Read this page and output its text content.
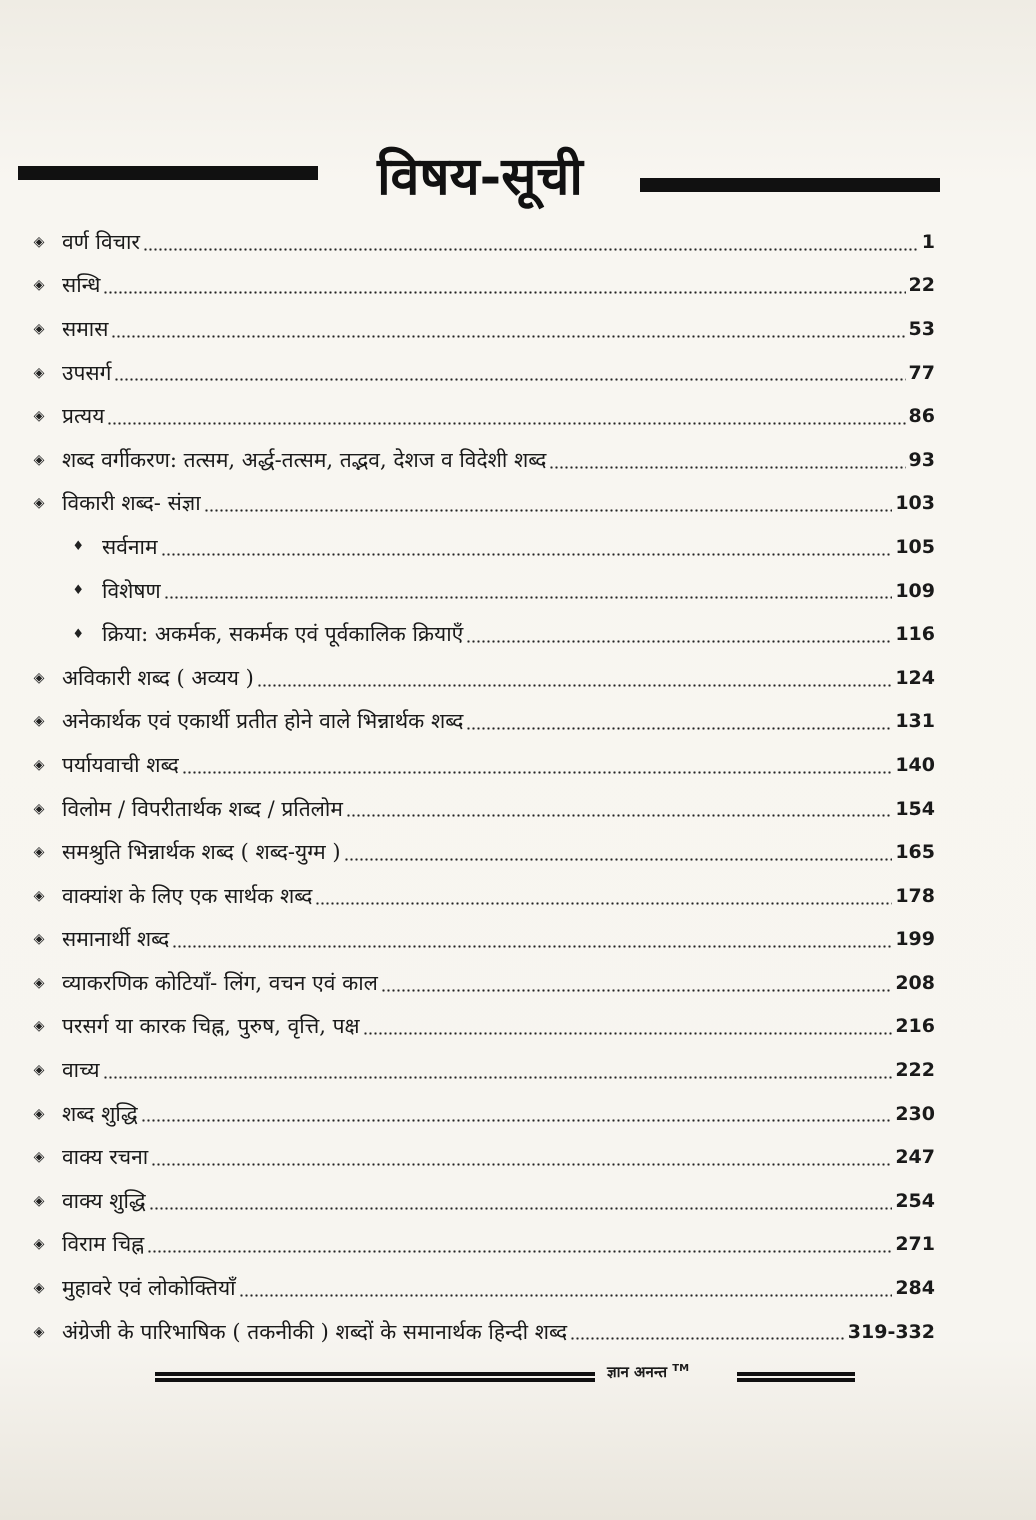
विषय-सूची
◈ वर्ण विचार	1
◈ सन्धि	22
◈ समास	53
◈ उपसर्ग	77
◈ प्रत्यय	86
◈ शब्द वर्गीकरण: तत्सम, अर्द्ध-तत्सम, तद्भव, देशज व विदेशी शब्द	93
◈ विकारी शब्द- संज्ञा	103
♦ सर्वनाम	105
♦ विशेषण	109
♦ क्रिया: अकर्मक, सकर्मक एवं पूर्वकालिक क्रियाएँ	116
◈ अविकारी शब्द ( अव्यय )	124
◈ अनेकार्थक एवं एकार्थी प्रतीत होने वाले भिन्नार्थक शब्द	131
◈ पर्यायवाची शब्द	140
◈ विलोम / विपरीतार्थक शब्द / प्रतिलोम	154
◈ समश्रुति भिन्नार्थक शब्द ( शब्द-युग्म )	165
◈ वाक्यांश के लिए एक सार्थक शब्द	178
◈ समानार्थी शब्द	199
◈ व्याकरणिक कोटियाँ- लिंग, वचन एवं काल	208
◈ परसर्ग या कारक चिह्न, पुरुष, वृत्ति, पक्ष	216
◈ वाच्य	222
◈ शब्द शुद्धि	230
◈ वाक्य रचना	247
◈ वाक्य शुद्धि	254
◈ विराम चिह्न	271
◈ मुहावरे एवं लोकोक्तियाँ	284
◈ अंग्रेजी के पारिभाषिक ( तकनीकी ) शब्दों के समानार्थक हिन्दी शब्द	319-332
ज्ञान अनन्त ™
